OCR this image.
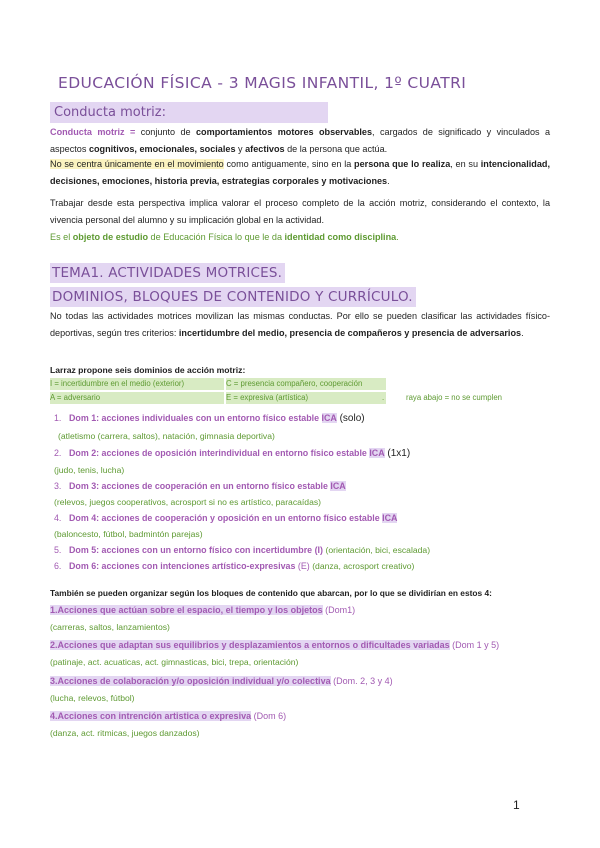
EDUCACIÓN FÍSICA - 3 MAGIS INFANTIL, 1º CUATRI
Conducta motriz:
Conducta motriz = conjunto de comportamientos motores observables, cargados de significado y vinculados a aspectos cognitivos, emocionales, sociales y afectivos de la persona que actúa.
No se centra únicamente en el movimiento como antiguamente, sino en la persona que lo realiza, en su intencionalidad, decisiones, emociones, historia previa, estrategias corporales y motivaciones.
Trabajar desde esta perspectiva implica valorar el proceso completo de la acción motriz, considerando el contexto, la vivencia personal del alumno y su implicación global en la actividad.
Es el objeto de estudio de Educación Física lo que le da identidad como disciplina.
TEMA1. ACTIVIDADES MOTRICES.
DOMINIOS, BLOQUES DE CONTENIDO Y CURRÍCULO.
No todas las actividades motrices movilizan las mismas conductas. Por ello se pueden clasificar las actividades físico-deportivas, según tres criterios: incertidumbre del medio, presencia de compañeros y presencia de adversarios.
Larraz propone seis dominios de acción motriz:
I = incertidumbre en el medio (exterior)	C = presencia compañero, cooperación
A = adversario	E = expresiva (artística)	.	raya abajo = no se cumplen
1. Dom 1: acciones individuales con un entorno físico estable ICA (solo)
(atletismo (carrera, saltos), natación, gimnasia deportiva)
2. Dom 2: acciones de oposición interindividual en entorno físico estable ICA (1x1)
(judo, tenis, lucha)
3. Dom 3: acciones de cooperación en un entorno físico estable ICA
(relevos, juegos cooperativos, acrosport si no es artístico, paracaídas)
4. Dom 4: acciones de cooperación y oposición en un entorno físico estable ICA
(baloncesto, fútbol, badmintón parejas)
5. Dom 5: acciones con un entorno físico con incertidumbre (I) (orientación, bici, escalada)
6. Dom 6: acciones con intenciones artístico-expresivas (E) (danza, acrosport creativo)
También se pueden organizar según los bloques de contenido que abarcan, por lo que se dividirían en estos 4:
1.Acciones que actúan sobre el espacio, el tiempo y los objetos (Dom1)
(carreras, saltos, lanzamientos)
2.Acciones que adaptan sus equilibrios y desplazamientos a entornos o dificultades variadas (Dom 1 y 5)
(patinaje, act. acuaticas, act. gimnasticas, bici, trepa, orientación)
3.Acciones de colaboración y/o oposición individual y/o colectiva (Dom. 2, 3 y 4)
(lucha, relevos, fútbol)
4.Acciones con intrención artistica o expresiva (Dom 6)
(danza, act. ritmicas, juegos danzados)
1
